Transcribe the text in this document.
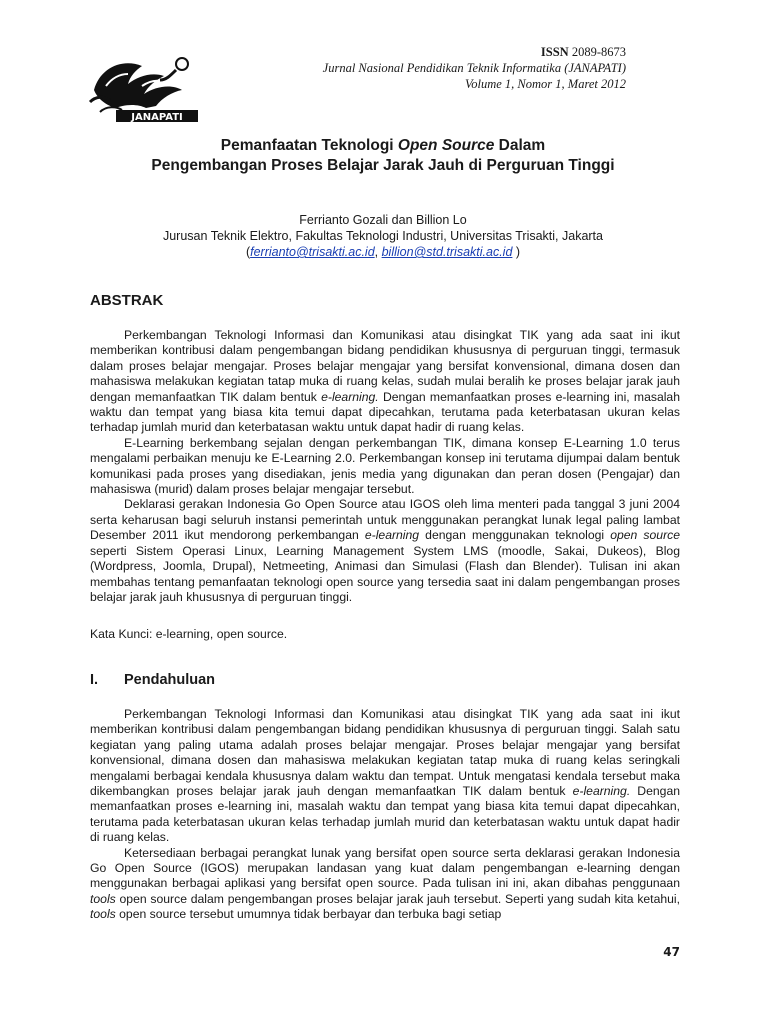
JANAPATI
ISSN 2089-8673
Jurnal Nasional Pendidikan Teknik Informatika (JANAPATI)
Volume 1, Nomor 1, Maret 2012
Pemanfaatan Teknologi Open Source Dalam
Pengembangan Proses Belajar Jarak Jauh di Perguruan Tinggi
Ferrianto Gozali dan Billion Lo
Jurusan Teknik Elektro, Fakultas Teknologi Industri, Universitas Trisakti, Jakarta
(ferrianto@trisakti.ac.id, billion@std.trisakti.ac.id )
ABSTRAK

Perkembangan Teknologi Informasi dan Komunikasi atau disingkat TIK yang ada saat ini ikut memberikan kontribusi dalam pengembangan bidang pendidikan khususnya di perguruan tinggi, termasuk dalam proses belajar mengajar. Proses belajar mengajar yang bersifat konvensional, dimana dosen dan mahasiswa melakukan kegiatan tatap muka di ruang kelas, sudah mulai beralih ke proses belajar jarak jauh dengan memanfaatkan TIK dalam bentuk e-learning. Dengan memanfaatkan proses e-learning ini, masalah waktu dan tempat yang biasa kita temui dapat dipecahkan, terutama pada keterbatasan ukuran kelas terhadap jumlah murid dan keterbatasan waktu untuk dapat hadir di ruang kelas.

E-Learning berkembang sejalan dengan perkembangan TIK, dimana konsep E-Learning 1.0 terus mengalami perbaikan menuju ke E-Learning 2.0. Perkembangan konsep ini terutama dijumpai dalam bentuk komunikasi pada proses yang disediakan, jenis media yang digunakan dan peran dosen (Pengajar) dan mahasiswa (murid) dalam proses belajar mengajar tersebut.

Deklarasi gerakan Indonesia Go Open Source atau IGOS oleh lima menteri pada tanggal 3 juni 2004 serta keharusan bagi seluruh instansi pemerintah untuk menggunakan perangkat lunak legal paling lambat Desember 2011 ikut mendorong perkembangan e-learning dengan menggunakan teknologi open source seperti Sistem Operasi Linux, Learning Management System LMS (moodle, Sakai, Dukeos), Blog (Wordpress, Joomla, Drupal), Netmeeting, Animasi dan Simulasi (Flash dan Blender). Tulisan ini akan membahas tentang pemanfaatan teknologi open source yang tersedia saat ini dalam pengembangan proses belajar jarak jauh khususnya di perguruan tinggi.

Kata Kunci: e-learning, open source.
I. Pendahuluan

Perkembangan Teknologi Informasi dan Komunikasi atau disingkat TIK yang ada saat ini ikut memberikan kontribusi dalam pengembangan bidang pendidikan khususnya di perguruan tinggi. Salah satu kegiatan yang paling utama adalah proses belajar mengajar. Proses belajar mengajar yang bersifat konvensional, dimana dosen dan mahasiswa melakukan kegiatan tatap muka di ruang kelas seringkali mengalami berbagai kendala khususnya dalam waktu dan tempat. Untuk mengatasi kendala tersebut maka dikembangkan proses belajar jarak jauh dengan memanfaatkan TIK dalam bentuk e-learning. Dengan memanfaatkan proses e-learning ini, masalah waktu dan tempat yang biasa kita temui dapat dipecahkan, terutama pada keterbatasan ukuran kelas terhadap jumlah murid dan keterbatasan waktu untuk dapat hadir di ruang kelas.

Ketersediaan berbagai perangkat lunak yang bersifat open source serta deklarasi gerakan Indonesia Go Open Source (IGOS) merupakan landasan yang kuat dalam pengembangan e-learning dengan menggunakan berbagai aplikasi yang bersifat open source. Pada tulisan ini ini, akan dibahas penggunaan tools open source dalam pengembangan proses belajar jarak jauh tersebut. Seperti yang sudah kita ketahui, tools open source tersebut umumnya tidak berbayar dan terbuka bagi setiap

47
